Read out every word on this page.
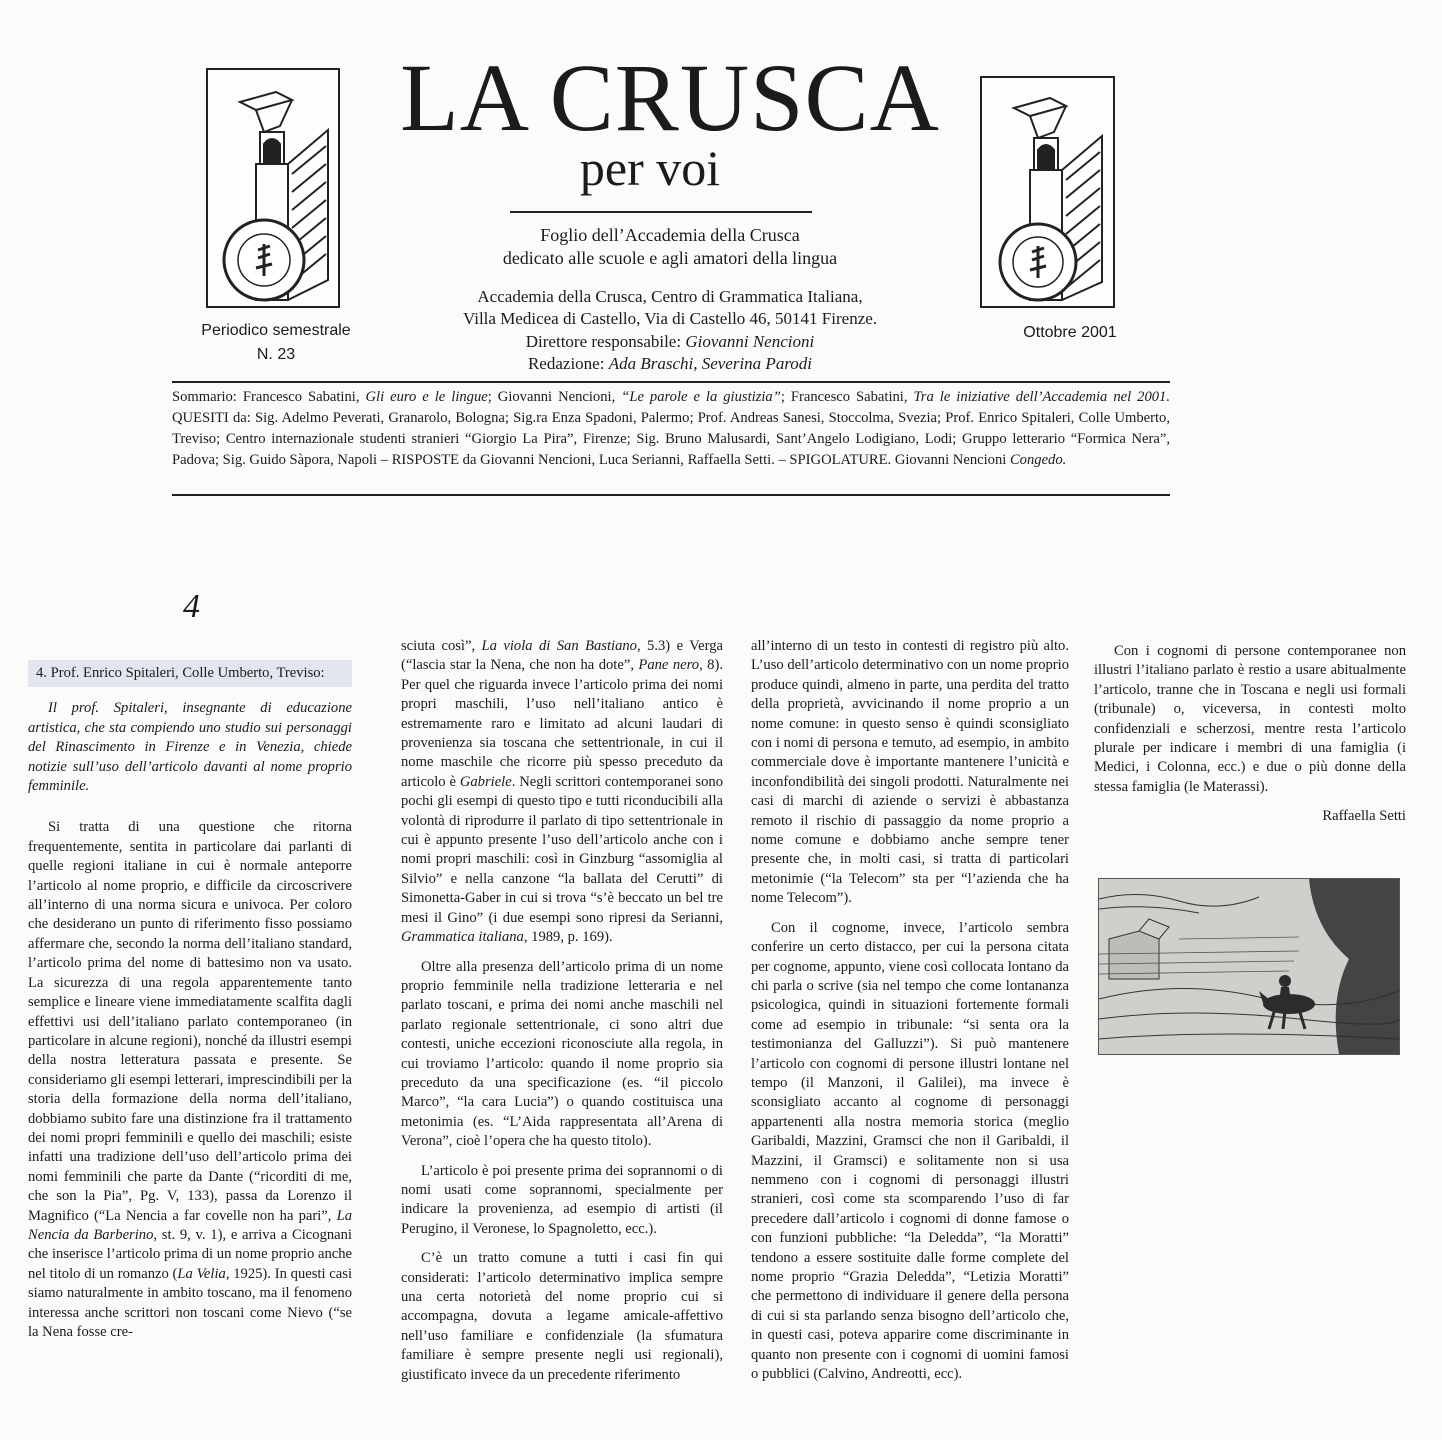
LA CRUSCA
per voi
Foglio dell’Accademia della Crusca
dedicato alle scuole e agli amatori della lingua
Accademia della Crusca, Centro di Grammatica Italiana,
Villa Medicea di Castello, Via di Castello 46, 50141 Firenze.
Direttore responsabile: Giovanni Nencioni
Redazione: Ada Braschi, Severina Parodi
Periodico semestrale
N. 23
Ottobre 2001
Sommario: Francesco Sabatini, Gli euro e le lingue; Giovanni Nencioni, “Le parole e la giustizia”; Francesco Sabatini, Tra le iniziative dell’Accademia nel 2001. QUESITI da: Sig. Adelmo Peverati, Granarolo, Bologna; Sig.ra Enza Spadoni, Palermo; Prof. Andreas Sanesi, Stoccolma, Svezia; Prof. Enrico Spitaleri, Colle Umberto, Treviso; Centro internazionale studenti stranieri “Giorgio La Pira”, Firenze; Sig. Bruno Malusardi, Sant’Angelo Lodigiano, Lodi; Gruppo letterario “Formica Nera”, Padova; Sig. Guido Sàpora, Napoli – RISPOSTE da Giovanni Nencioni, Luca Serianni, Raffaella Setti. – SPIGOLATURE. Giovanni Nencioni Congedo.
4

4. Prof. Enrico Spitaleri, Colle Umberto, Treviso:

Il prof. Spitaleri, insegnante di educazione artistica, che sta compiendo uno studio sui personaggi del Rinascimento in Firenze e in Venezia, chiede notizie sull’uso dell’articolo davanti al nome proprio femminile.

Si tratta di una questione che ritorna frequentemente, sentita in particolare dai parlanti di quelle regioni italiane in cui è normale anteporre l’articolo al nome proprio, e difficile da circoscrivere all’interno di una norma sicura e univoca. Per coloro che desiderano un punto di riferimento fisso possiamo affermare che, secondo la norma dell’italiano standard, l’articolo prima del nome di battesimo non va usato. La sicurezza di una regola apparentemente tanto semplice e lineare viene immediatamente scalfita dagli effettivi usi dell’italiano parlato contemporaneo (in particolare in alcune regioni), nonché da illustri esempi della nostra letteratura passata e presente. Se consideriamo gli esempi letterari, imprescindibili per la storia della formazione della norma dell’italiano, dobbiamo subito fare una distinzione fra il trattamento dei nomi propri femminili e quello dei maschili; esiste infatti una tradizione dell’uso dell’articolo prima dei nomi femminili che parte da Dante (“ricorditi di me, che son la Pia”, Pg. V, 133), passa da Lorenzo il Magnifico (“La Nencia a far covelle non ha pari”, La Nencia da Barberino, st. 9, v. 1), e arriva a Cicognani che inserisce l’articolo prima di un nome proprio anche nel titolo di un romanzo (La Velia, 1925). In questi casi siamo naturalmente in ambito toscano, ma il fenomeno interessa anche scrittori non toscani come Nievo (“se la Nena fosse cre-

sciuta così”, La viola di San Bastiano, 5.3) e Verga (“lascia star la Nena, che non ha dote”, Pane nero, 8). Per quel che riguarda invece l’articolo prima dei nomi propri maschili, l’uso nell’italiano antico è estremamente raro e limitato ad alcuni laudari di provenienza sia toscana che settentrionale, in cui il nome maschile che ricorre più spesso preceduto da articolo è Gabriele. Negli scrittori contemporanei sono pochi gli esempi di questo tipo e tutti riconducibili alla volontà di riprodurre il parlato di tipo settentrionale in cui è appunto presente l’uso dell’articolo anche con i nomi propri maschili: così in Ginzburg “assomiglia al Silvio” e nella canzone “la ballata del Cerutti” di Simonetta-Gaber in cui si trova “s’è beccato un bel tre mesi il Gino” (i due esempi sono ripresi da Serianni, Grammatica italiana, 1989, p. 169).

Oltre alla presenza dell’articolo prima di un nome proprio femminile nella tradizione letteraria e nel parlato toscani, e prima dei nomi anche maschili nel parlato regionale settentrionale, ci sono altri due contesti, uniche eccezioni riconosciute alla regola, in cui troviamo l’articolo: quando il nome proprio sia preceduto da una specificazione (es. “il piccolo Marco”, “la cara Lucia”) o quando costituisca una metonimia (es. “L’Aida rappresentata all’Arena di Verona”, cioè l’opera che ha questo titolo).

L’articolo è poi presente prima dei soprannomi o di nomi usati come soprannomi, specialmente per indicare la provenienza, ad esempio di artisti (il Perugino, il Veronese, lo Spagnoletto, ecc.).

C’è un tratto comune a tutti i casi fin qui considerati: l’articolo determinativo implica sempre una certa notorietà del nome proprio cui si accompagna, dovuta a legame amicale-affettivo nell’uso familiare e confidenziale (la sfumatura familiare è sempre presente negli usi regionali), giustificato invece da un precedente riferimento

all’interno di un testo in contesti di registro più alto. L’uso dell’articolo determinativo con un nome proprio produce quindi, almeno in parte, una perdita del tratto della proprietà, avvicinando il nome proprio a un nome comune: in questo senso è quindi sconsigliato con i nomi di persona e temuto, ad esempio, in ambito commerciale dove è importante mantenere l’unicità e inconfondibilità dei singoli prodotti. Naturalmente nei casi di marchi di aziende o servizi è abbastanza remoto il rischio di passaggio da nome proprio a nome comune e dobbiamo anche sempre tener presente che, in molti casi, si tratta di particolari metonimie (“la Telecom” sta per “l’azienda che ha nome Telecom”).

Con il cognome, invece, l’articolo sembra conferire un certo distacco, per cui la persona citata per cognome, appunto, viene così collocata lontano da chi parla o scrive (sia nel tempo che come lontananza psicologica, quindi in situazioni fortemente formali come ad esempio in tribunale: “si senta ora la testimonianza del Galluzzi”). Si può mantenere l’articolo con cognomi di persone illustri lontane nel tempo (il Manzoni, il Galilei), ma invece è sconsigliato accanto al cognome di personaggi appartenenti alla nostra memoria storica (meglio Garibaldi, Mazzini, Gramsci che non il Garibaldi, il Mazzini, il Gramsci) e solitamente non si usa nemmeno con i cognomi di personaggi illustri stranieri, così come sta scomparendo l’uso di far precedere dall’articolo i cognomi di donne famose o con funzioni pubbliche: “la Deledda”, “la Moratti” tendono a essere sostituite dalle forme complete del nome proprio “Grazia Deledda”, “Letizia Moratti” che permettono di individuare il genere della persona di cui si sta parlando senza bisogno dell’articolo che, in questi casi, poteva apparire come discriminante in quanto non presente con i cognomi di uomini famosi o pubblici (Calvino, Andreotti, ecc).

Con i cognomi di persone contemporanee non illustri l’italiano parlato è restio a usare abitualmente l’articolo, tranne che in Toscana e negli usi formali (tribunale) o, viceversa, in contesti molto confidenziali e scherzosi, mentre resta l’articolo plurale per indicare i membri di una famiglia (i Medici, i Colonna, ecc.) e due o più donne della stessa famiglia (le Materassi).

Raffaella Setti
